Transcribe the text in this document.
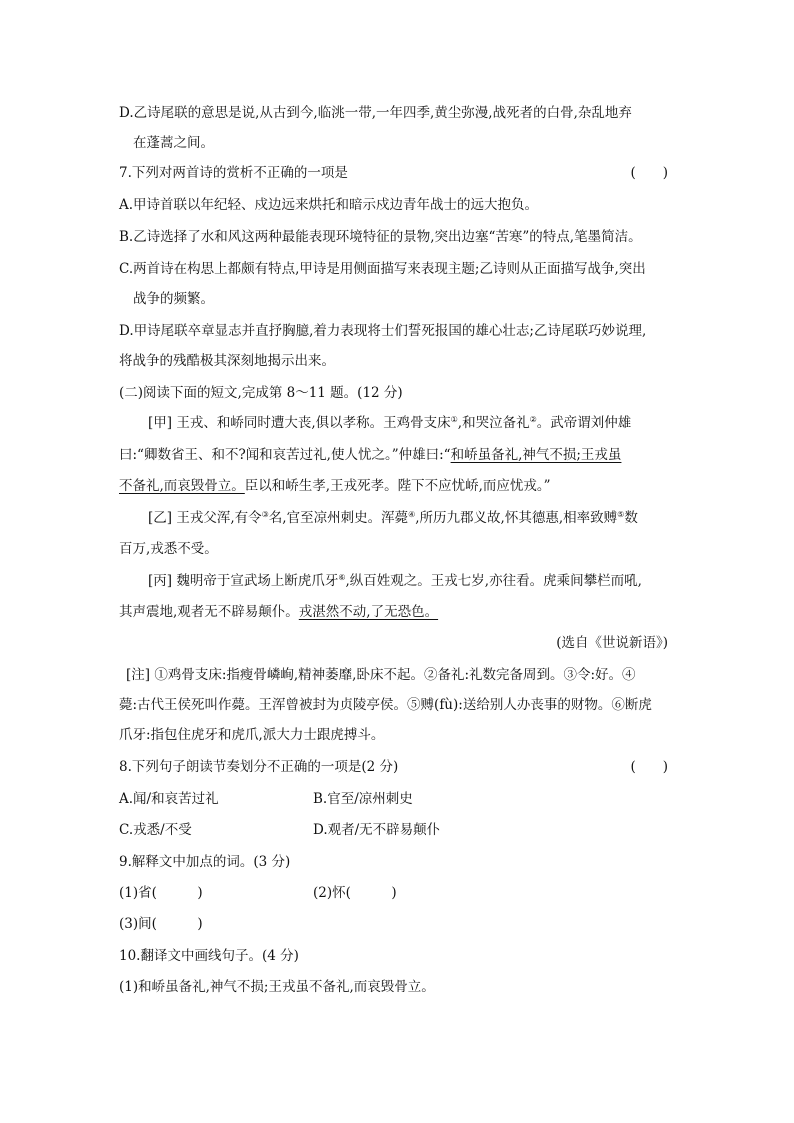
D.乙诗尾联的意思是说,从古到今,临洮一带,一年四季,黄尘弥漫,战死者的白骨,杂乱地弃
在蓬蒿之间。
7.下列对两首诗的赏析不正确的一项是	(　　)
A.甲诗首联以年纪轻、戍边远来烘托和暗示戍边青年战士的远大抱负。
B.乙诗选择了水和风这两种最能表现环境特征的景物,突出边塞“苦寒”的特点,笔墨简洁。
C.两首诗在构思上都颇有特点,甲诗是用侧面描写来表现主题;乙诗则从正面描写战争,突出
战争的频繁。
D.甲诗尾联卒章显志并直抒胸臆,着力表现将士们誓死报国的雄心壮志;乙诗尾联巧妙说理,
将战争的残酷极其深刻地揭示出来。
(二)阅读下面的短文,完成第 8～11 题。(12 分)
[甲] 王戎、和峤同时遭大丧,俱以孝称。王鸡骨支床①,和哭泣备礼②。武帝谓刘仲雄
曰:“卿数省王、和不?闻和哀苦过礼,使人忧之。”仲雄曰:“和峤虽备礼,神气不损;王戎虽
不备礼,而哀毁骨立。臣以和峤生孝,王戎死孝。陛下不应忧峤,而应忧戎。”
[乙] 王戎父浑,有令③名,官至凉州刺史。浑薨④,所历九郡义故,怀其德惠,相率致赙⑤数
百万,戎悉不受。
[丙] 魏明帝于宣武场上断虎爪牙⑥,纵百姓观之。王戎七岁,亦往看。虎乘间攀栏而吼,
其声震地,观者无不辟易颠仆。戎湛然不动,了无恐色。
(选自《世说新语》)
[注] ①鸡骨支床:指瘦骨嶙峋,精神萎靡,卧床不起。②备礼:礼数完备周到。③令:好。④
薨:古代王侯死叫作薨。王浑曾被封为贞陵亭侯。⑤赙(fù):送给别人办丧事的财物。⑥断虎
爪牙:指包住虎牙和虎爪,派大力士跟虎搏斗。
8.下列句子朗读节奏划分不正确的一项是(2 分)	(　　)
A.闻/和哀苦过礼	B.官至/凉州刺史
C.戎悉/不受	D.观者/无不辟易颠仆
9.解释文中加点的词。(3 分)
(1)省(　　　)	(2)怀(　　　)
(3)间(　　　)
10.翻译文中画线句子。(4 分)
(1)和峤虽备礼,神气不损;王戎虽不备礼,而哀毁骨立。
